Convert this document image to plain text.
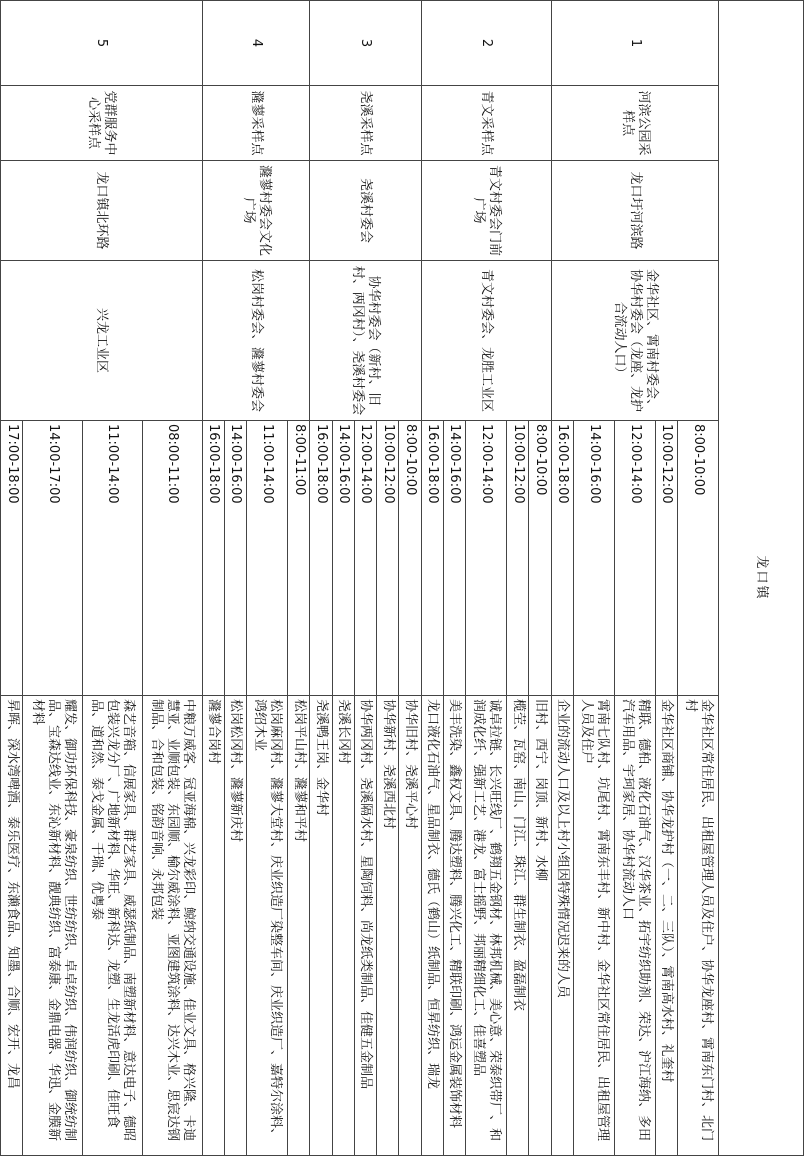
龙口镇					
1	河滨公园采样点	龙口圩河滨路	金华社区、霄南村委会、协华村委会（龙座、龙护合流动人口）	8:00-10:00	金华社区常住居民、出租屋管理人员及住户、协华龙座村、霄南东门村、北门村
				10:00-12:00	金华社区商铺、协华龙护村（一、二、三队）、霄南高水村、礼奎村
				12:00-14:00	精联、德柏、液化石油气、汉华茶业、拓宇纺织助剂、荣达、沪江海纳、多田汽车用品、宇珂家居、协华村流动人口
				14:00-16:00	霄南七队村、坑尾村、霄南东丰村、新中村、金华社区常住居民、出租屋管理人员及住户
				16:00-18:00	企业的流动人口及以上村小组因特殊情况迟来的人员
2	青文采样点	青文村委会门前广场	青文村委会、龙胜工业区	8:00-10:00	旧村、西宁、岗顶、新村、水柳
				10:00-12:00	榄茔、瓦窑、南山、门江、珠江、群生制衣、盈磊制衣
				12:00-14:00	诚卓拉链、长兴旺线厂、鹤翔五金钢材、林邦机械、美心意、荣泰织带厂、和润成化纤、强新工艺、港龙、富士摇野、邦丽精细化工、佳喜塑品
				14:00-16:00	美丰洗染、鑫权文具、腾达塑料、腾兴化工、精联印刷、鸿运金属装饰材料
				16:00-18:00	龙口液化石油气、星品制衣、德氏（鹤山）纸制品、恒昇纺织、瑞龙
3	尧溪采样点	尧溪村委会	协华村委会（新村、旧村、两冈村）、尧溪村委会	8:00-10:00	协华旧村、尧溪平心村
				10:00-12:00	协华新村、尧溪西北村
				12:00-14:00	协华两冈村、尧溪隔水村、星陶饲料、尚龙纸类制品、佳健五金制品
				14:00-16:00	尧溪长冈村
				16:00-18:00	尧溪鸭王岗、金华村
4	漋蓼采样点	漋蓼村委会文化广场	松岗村委会、漋蓼村委会	8:00-11:00	松岗平山村、漋蓼和平村
				11:00-14:00	松岗麻冈村、漋蓼大堂村、庆业织造厂染整车间、庆业织造厂、嘉特尔涂料、鸿绍木业
				14:00-16:00	松岗松冈村、漋蓼新庆村
				16:00-18:00	漋蓼合岗村
5	党群服务中心采样点	龙口镇北环路	兴龙工业区	08:00-11:00	中粮万威客、冠亚海棉、兴龙彩印、鲸纳交通设施、佳业文具、格兴隆、卡迪慧亚、业顺包装、东园顺、榆尔威涂料、亚图建筑涂料、达兴木业、思宸达钢制品、合和包装、铭韵音响、永邦包装
				11:00-14:00	森艺音箱、信展家具、群艺家具、威瑟纸制品、南塑新材料、意达电子、德昭包装兴龙分厂、广地新材料、华旺、新科达、龙塑、生龙活虎印刷、佳旺食品、道和然、泰戈金属、千瑞、优粤泰
				14:00-17:00	耀发、御功环保科技、豪泉纺织、世纺纺织、卓卓纺织、伟润纺织、御统纺制品、宝森达线业、东沁新材料、靓典纺织、富泰康、金鼎电器、华迅、金膜新材料
				17:00-18:00	昇晖、深水湾啤酒、泰乐医疗、东濑食品、知墨、合顺、宏开、龙昌
